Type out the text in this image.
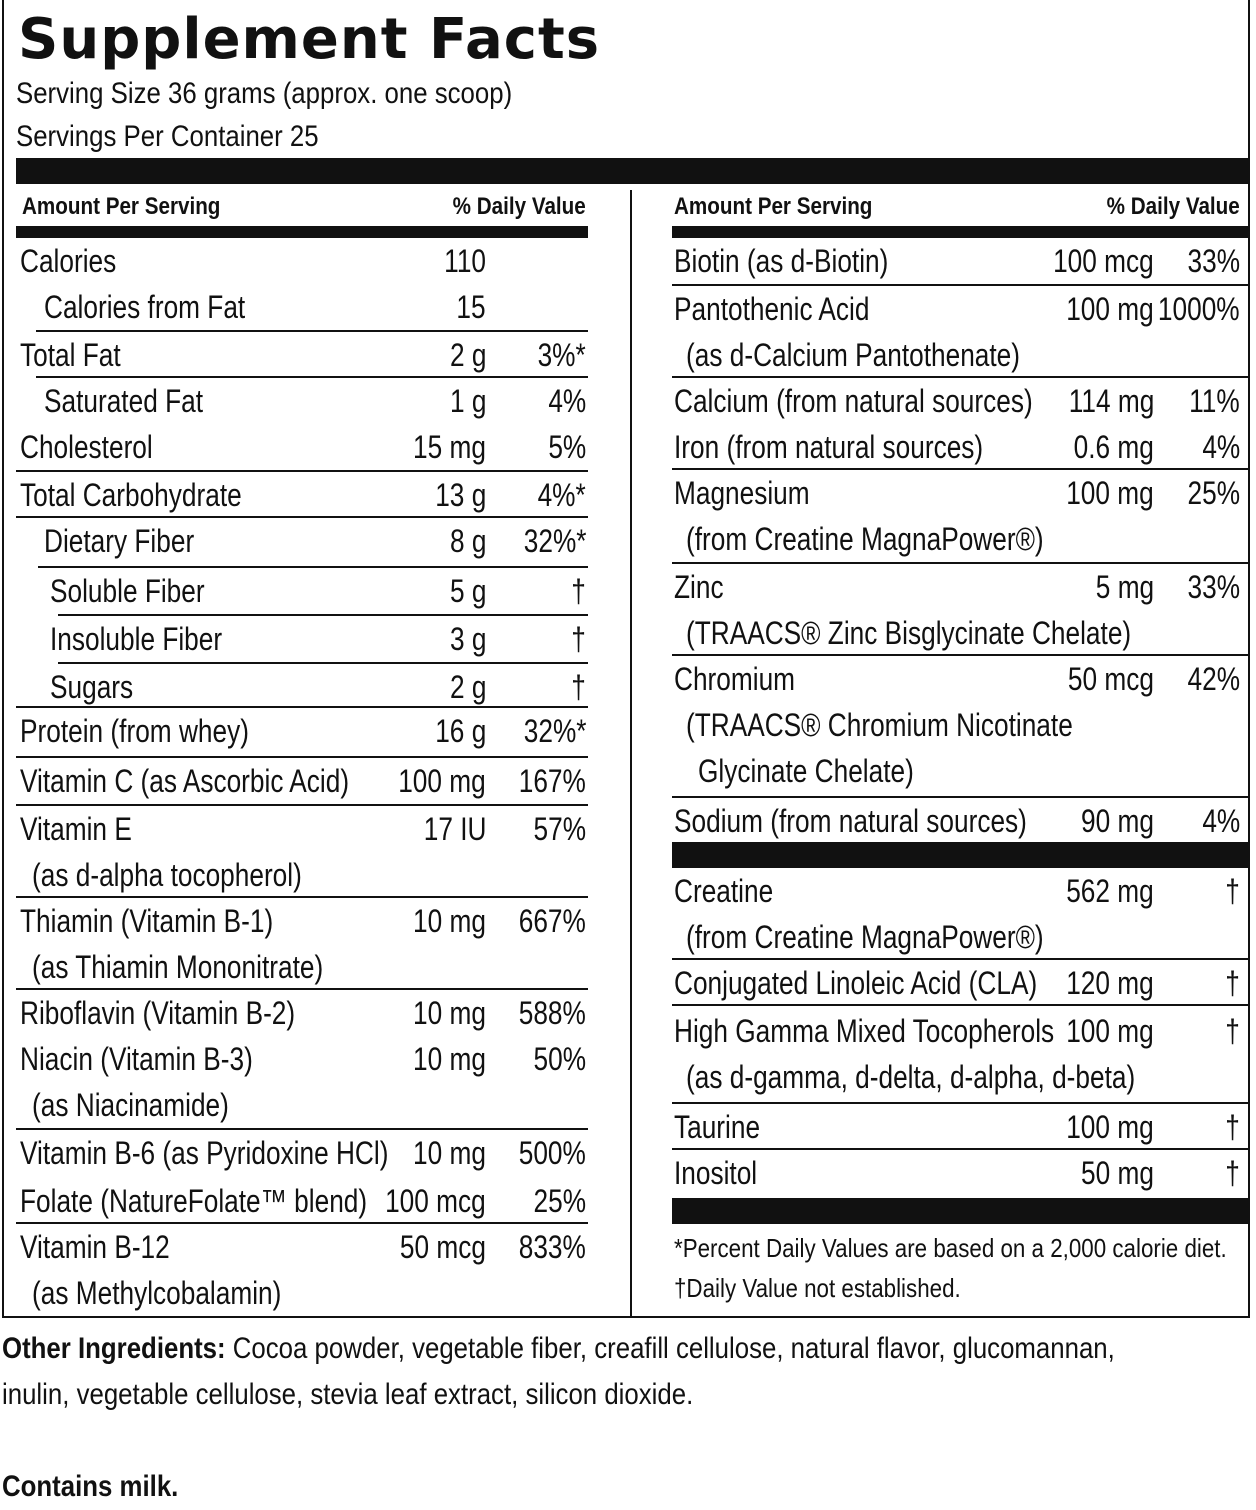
Supplement Facts
Serving Size 36 grams (approx. one scoop)
Servings Per Container 25
Amount Per Serving	% Daily Value	Amount Per Serving	% Daily Value
Calories	110
Calories from Fat	15
Total Fat	2 g 3%*
Saturated Fat	1 g 4%
Cholesterol	15 mg 5%
Total Carbohydrate	13 g 4%*
Dietary Fiber	8 g 32%*
Soluble Fiber	5 g	†
Insoluble Fiber	3 g	†
Sugars	2 g	†
Protein (from whey)	16 g 32%*
Vitamin C (as Ascorbic Acid) 100 mg 167%
Vitamin E	17 IU 57%
(as d-alpha tocopherol)
Thiamin (Vitamin B-1)	10 mg 667%
(as Thiamin Mononitrate)
Riboflavin (Vitamin B-2)	10 mg 588%
Niacin (Vitamin B-3)	10 mg 50%
(as Niacinamide)
Vitamin B-6 (as Pyridoxine HCl) 10 mg 500%
Folate (NatureFolate™ blend) 100 mcg 25%
Vitamin B-12	50 mcg 833%
(as Methylcobalamin)
Biotin (as d-Biotin)	100 mcg 33%
Pantothenic Acid	100 mg 1000%
(as d-Calcium Pantothenate)
Calcium (from natural sources) 114 mg 11%
Iron (from natural sources)	0.6 mg 4%
Magnesium	100 mg 25%
(from Creatine MagnaPower®)
Zinc	5 mg 33%
(TRAACS® Zinc Bisglycinate Chelate)
Chromium	50 mcg 42%
(TRAACS® Chromium Nicotinate
Glycinate Chelate)
Sodium (from natural sources) 90 mg 4%
Creatine	562 mg †
(from Creatine MagnaPower®)
Conjugated Linoleic Acid (CLA) 120 mg †
High Gamma Mixed Tocopherols 100 mg †
(as d-gamma, d-delta, d-alpha, d-beta)
Taurine	100 mg †
Inositol	50 mg †
*Percent Daily Values are based on a 2,000 calorie diet.
†Daily Value not established.
Other Ingredients: Cocoa powder, vegetable fiber, creafill cellulose, natural flavor, glucomannan,
inulin, vegetable cellulose, stevia leaf extract, silicon dioxide.
Contains milk.
